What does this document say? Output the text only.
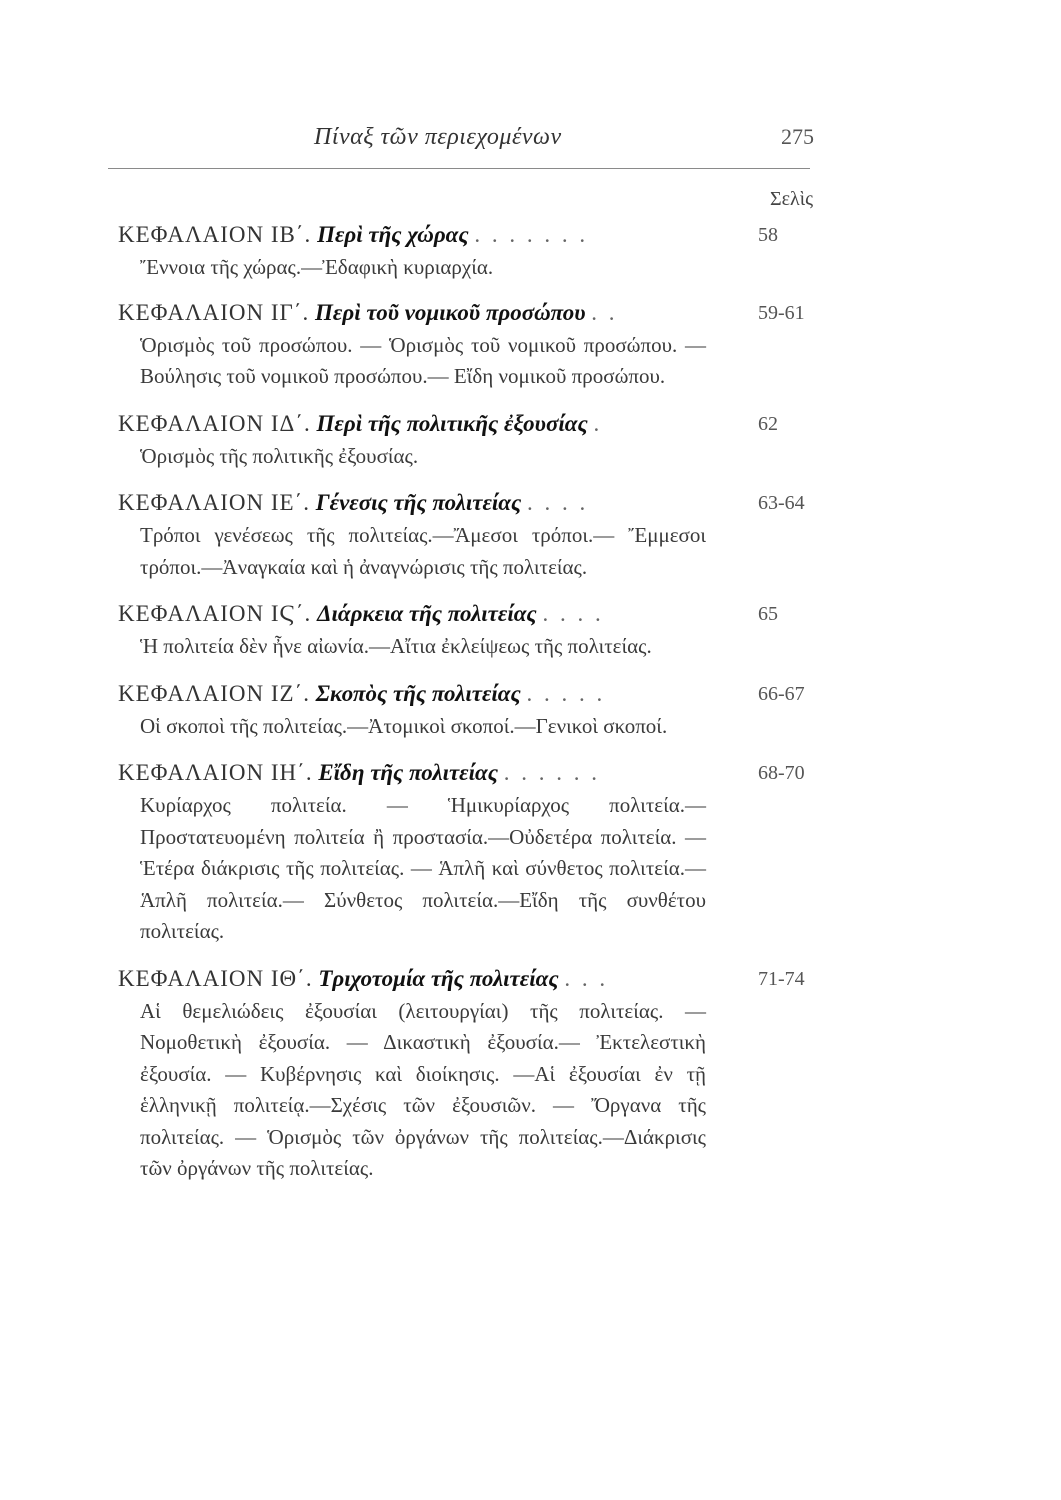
Πίναξ τῶν περιεχομένων	275
Σελὶς
ΚΕΦΑΛΑΙΟΝ ΙΒ΄. Περὶ τῆς χώρας . . . . . . .	58
Ἔννοια τῆς χώρας.—Ἐδαφικὴ κυριαρχία.
ΚΕΦΑΛΑΙΟΝ ΙΓ΄. Περὶ τοῦ νομικοῦ προσώπου . .	59-61
Ὁρισμὸς τοῦ προσώπου. — Ὁρισμὸς τοῦ νομικοῦ προσώπου. — Βούλησις τοῦ νομικοῦ προσώπου.— Εἴδη νομικοῦ προσώπου.
ΚΕΦΑΛΑΙΟΝ ΙΔ΄. Περὶ τῆς πολιτικῆς ἐξουσίας .	62
Ὁρισμὸς τῆς πολιτικῆς ἐξουσίας.
ΚΕΦΑΛΑΙΟΝ ΙΕ΄. Γένεσις τῆς πολιτείας . . . .	63-64
Τρόποι γενέσεως τῆς πολιτείας.—Ἄμεσοι τρόποι.— Ἔμμεσοι τρόποι.—Ἀναγκαία καὶ ἡ ἀναγνώρισις τῆς πολιτείας.
ΚΕΦΑΛΑΙΟΝ ΙϚ΄. Διάρκεια τῆς πολιτείας . . . .	65
Ἡ πολιτεία δὲν ἦνε αἰωνία.—Αἴτια ἐκλείψεως τῆς πολιτείας.
ΚΕΦΑΛΑΙΟΝ ΙΖ΄. Σκοπὸς τῆς πολιτείας . . . . .	66-67
Οἱ σκοποὶ τῆς πολιτείας.—Ἀτομικοὶ σκοποί.—Γενικοὶ σκοποί.
ΚΕΦΑΛΑΙΟΝ ΙΗ΄. Εἴδη τῆς πολιτείας . . . . . .	68-70
Κυρίαρχος πολιτεία. — Ἡμικυρίαρχος πολιτεία.— Προστατευομένη πολιτεία ἢ προστασία.—Οὐδετέρα πολιτεία. — Ἑτέρα διάκρισις τῆς πολιτείας. — Ἁπλῆ καὶ σύνθετος πολιτεία.—Ἁπλῆ πολιτεία.— Σύνθετος πολιτεία.—Εἴδη τῆς συνθέτου πολιτείας.
ΚΕΦΑΛΑΙΟΝ ΙΘ΄. Τριχοτομία τῆς πολιτείας . . .	71-74
Αἱ θεμελιώδεις ἐξουσίαι (λειτουργίαι) τῆς πολιτείας. — Νομοθετικὴ ἐξουσία. — Δικαστικὴ ἐξουσία.— Ἐκτελεστικὴ ἐξουσία. — Κυβέρνησις καὶ διοίκησις. —Αἱ ἐξουσίαι ἐν τῇ ἑλληνικῇ πολιτείᾳ.—Σχέσις τῶν ἐξουσιῶν. — Ὄργανα τῆς πολιτείας. — Ὁρισμὸς τῶν ὀργάνων τῆς πολιτείας.—Διάκρισις τῶν ὀργάνων τῆς πολιτείας.
